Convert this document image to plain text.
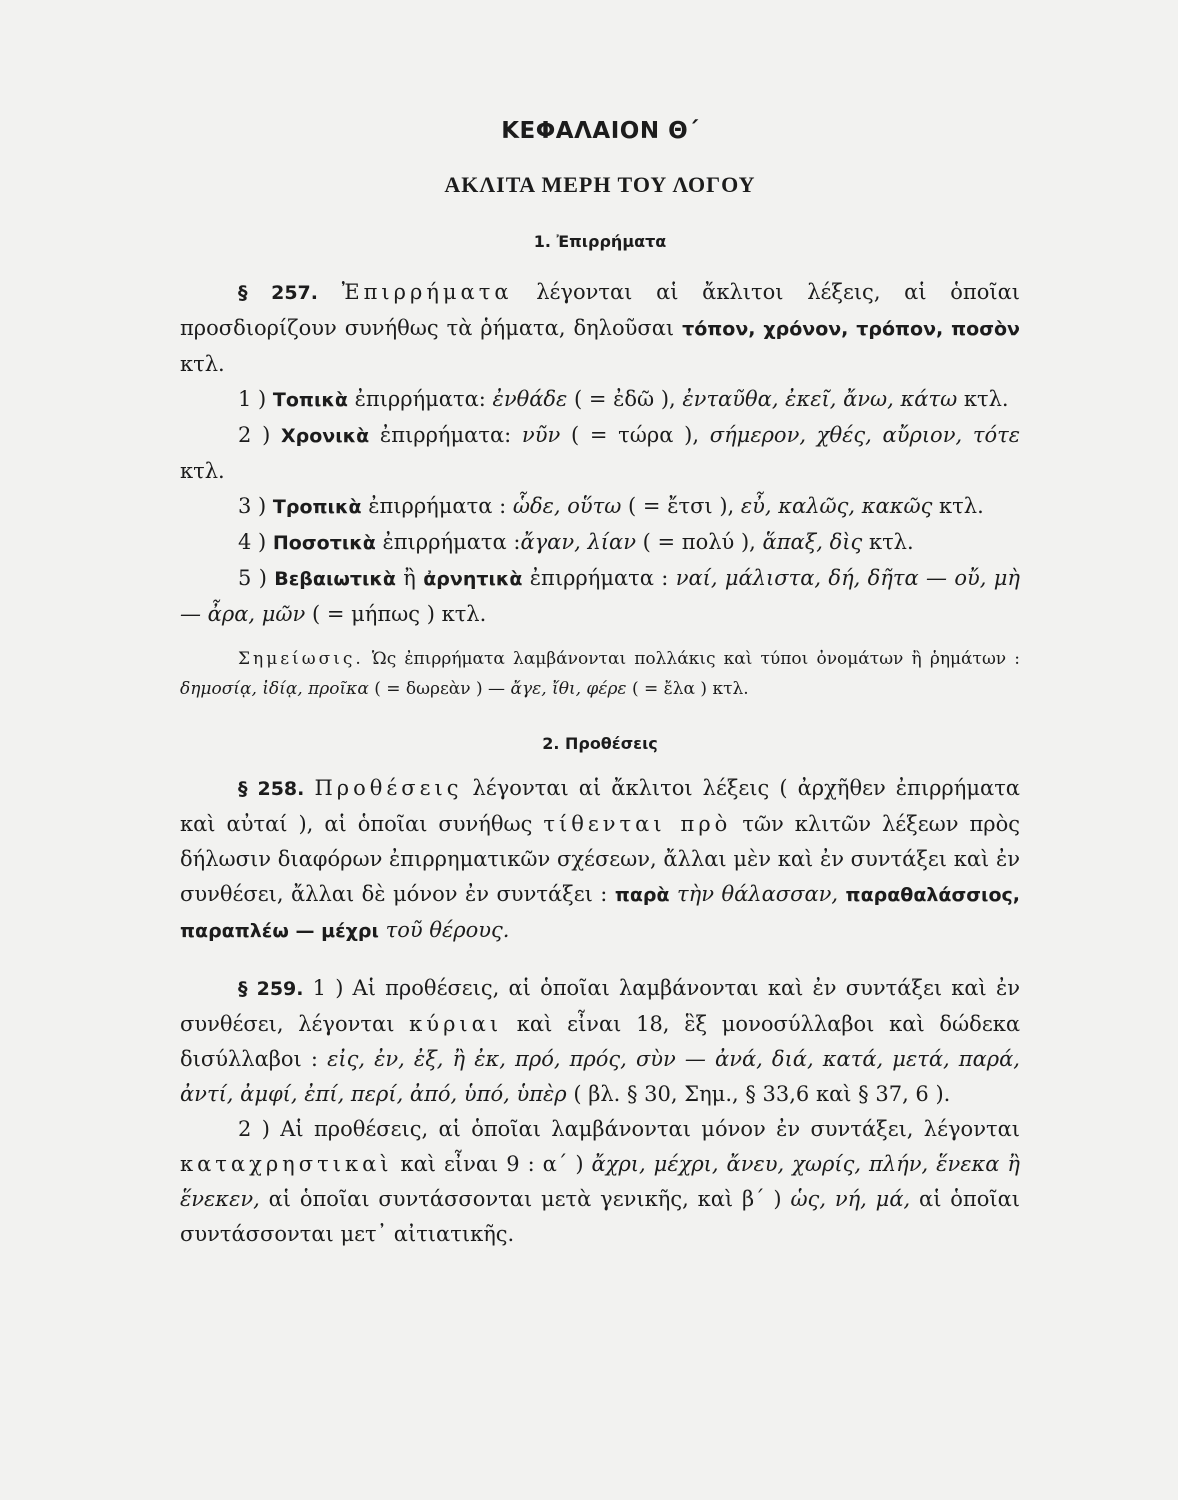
ΚΕΦΑΛΑΙΟΝ Θ΄
ΑΚΛΙΤΑ ΜΕΡΗ ΤΟΥ ΛΟΓΟΥ
1. Ἐπιρρήματα

§ 257. Ἐπιρρήματα λέγονται αἱ ἄκλιτοι λέξεις, αἱ ὁποῖαι προσδιορίζουν συνήθως τὰ ῥήματα, δηλοῦσαι τόπον, χρόνον, τρόπον, ποσὸν κτλ.

1 ) Τοπικὰ ἐπιρρήματα: ἐνθάδε ( = ἐδῶ ), ἐνταῦθα, ἐκεῖ, ἄνω, κάτω κτλ.

2 ) Χρονικὰ ἐπιρρήματα: νῦν ( = τώρα ), σήμερον, χθές, αὔριον, τότε κτλ.

3 ) Τροπικὰ ἐπιρρήματα : ὧδε, οὕτω ( = ἔτσι ), εὖ, καλῶς, κακῶς κτλ.

4 ) Ποσοτικὰ ἐπιρρήματα :ἄγαν, λίαν ( = πολύ ), ἅπαξ, δὶς κτλ.

5 ) Βεβαιωτικὰ ἢ ἀρνητικὰ ἐπιρρήματα : ναί, μάλιστα, δή, δῆτα — οὔ, μὴ — ἆρα, μῶν ( = μήπως ) κτλ.

Σημείωσις. Ὡς ἐπιρρήματα λαμβάνονται πολλάκις καὶ τύποι ὀνομάτων ἢ ῥημάτων : δημοσίᾳ, ἰδίᾳ, προῖκα ( = δωρεὰν ) — ἄγε, ἴθι, φέρε ( = ἔλα ) κτλ.

2. Προθέσεις

§ 258. Προθέσεις λέγονται αἱ ἄκλιτοι λέξεις ( ἀρχῆθεν ἐπιρρήματα καὶ αὐταί ), αἱ ὁποῖαι συνήθως τίθενται πρὸ τῶν κλιτῶν λέξεων πρὸς δήλωσιν διαφόρων ἐπιρρηματικῶν σχέσεων, ἄλλαι μὲν καὶ ἐν συντάξει καὶ ἐν συνθέσει, ἄλλαι δὲ μόνον ἐν συντάξει : παρὰ τὴν θάλασσαν, παραθαλάσσιος, παραπλέω — μέχρι τοῦ θέρους.

§ 259. 1 ) Αἱ προθέσεις, αἱ ὁποῖαι λαμβάνονται καὶ ἐν συντάξει καὶ ἐν συνθέσει, λέγονται κύριαι καὶ εἶναι 18, ἓξ μονοσύλλαβοι καὶ δώδεκα δισύλλαβοι : εἰς, ἐν, ἐξ, ἢ ἐκ, πρό, πρός, σὺν — ἀνά, διά, κατά, μετά, παρά, ἀντί, ἀμφί, ἐπί, περί, ἀπό, ὑπό, ὑπὲρ ( βλ. § 30, Σημ., § 33,6 καὶ § 37, 6 ).

2 ) Αἱ προθέσεις, αἱ ὁποῖαι λαμβάνονται μόνον ἐν συντάξει, λέγονται καταχρηστικαὶ καὶ εἶναι 9 : α΄ ) ἄχρι, μέχρι, ἄνευ, χωρίς, πλήν, ἕνεκα ἢ ἕνεκεν, αἱ ὁποῖαι συντάσσονται μετὰ γενικῆς, καὶ β΄ ) ὡς, νή, μά, αἱ ὁποῖαι συντάσσονται μετ᾽ αἰτιατικῆς.
